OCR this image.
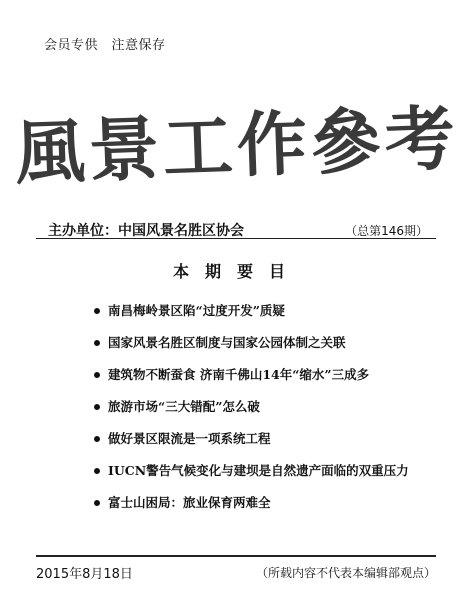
会员专供　注意保存
風景工作參考
主办单位：中国风景名胜区协会	（总第146期）
本期要目
南昌梅岭景区陷“过度开发”质疑
国家风景名胜区制度与国家公园体制之关联
建筑物不断蚕食 济南千佛山14年“缩水”三成多
旅游市场“三大错配”怎么破
做好景区限流是一项系统工程
IUCN警告气候变化与建坝是自然遗产面临的双重压力
富士山困局：旅业保育两难全
2015年8月18日	（所载内容不代表本编辑部观点）
